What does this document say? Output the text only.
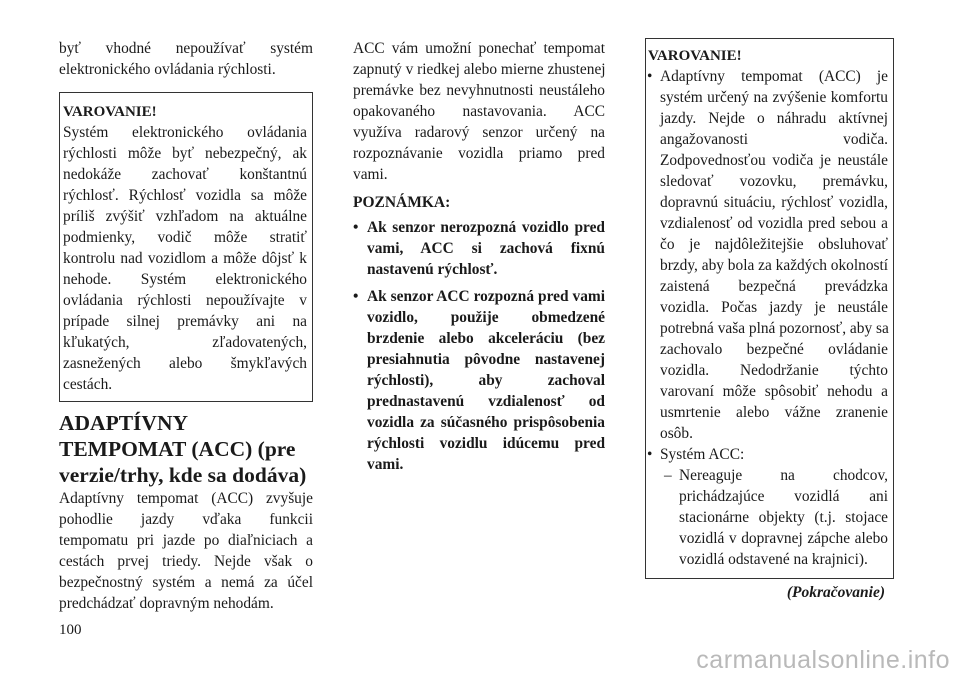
byť vhodné nepoužívať systém
elektronického ovládania rýchlosti.
VAROVANIE!
Systém elektronického ovládania
rýchlosti môže byť nebezpečný, ak
nedokáže zachovať konštantnú
rýchlosť. Rýchlosť vozidla sa môže
príliš zvýšiť vzhľadom na aktuálne
podmienky, vodič môže stratiť
kontrolu nad vozidlom a môže dôjsť k
nehode. Systém elektronického
ovládania rýchlosti nepoužívajte v
prípade silnej premávky ani na
kľukatých, zľadovatených,
zasnežených alebo šmykľavých
cestách.
ADAPTÍVNY
TEMPOMAT (ACC) (pre
verzie/trhy, kde sa dodáva)
Adaptívny tempomat (ACC) zvyšuje
pohodlie jazdy vďaka funkcii
tempomatu pri jazde po diaľniciach a
cestách prvej triedy. Nejde však o
bezpečnostný systém a nemá za účel
predchádzať dopravným nehodám.
ACC vám umožní ponechať tempomat
zapnutý v riedkej alebo mierne zhustenej
premávke bez nevyhnutnosti neustáleho
opakovaného nastavovania. ACC
využíva radarový senzor určený na
rozpoznávanie vozidla priamo pred
vami.
POZNÁMKA:
• Ak senzor nerozpozná vozidlo pred
vami, ACC si zachová fixnú
nastavenú rýchlosť.
• Ak senzor ACC rozpozná pred vami
vozidlo, použije obmedzené
brzdenie alebo akceleráciu (bez
presiahnutia pôvodne nastavenej
rýchlosti), aby zachoval
prednastavenú vzdialenosť od
vozidla za súčasného prispôsobenia
rýchlosti vozidlu idúcemu pred
vami.
VAROVANIE!
• Adaptívny tempomat (ACC) je
systém určený na zvýšenie komfortu
jazdy. Nejde o náhradu aktívnej
angažovanosti vodiča.
Zodpovednosťou vodiča je neustále
sledovať vozovku, premávku,
dopravnú situáciu, rýchlosť vozidla,
vzdialenosť od vozidla pred sebou a
čo je najdôležitejšie obsluhovať
brzdy, aby bola za každých okolností
zaistená bezpečná prevádzka
vozidla. Počas jazdy je neustále
potrebná vaša plná pozornosť, aby sa
zachovalo bezpečné ovládanie
vozidla. Nedodržanie týchto
varovaní môže spôsobiť nehodu a
usmrtenie alebo vážne zranenie
osôb.
• Systém ACC:
– Nereaguje na chodcov,
prichádzajúce vozidlá ani
stacionárne objekty (t.j. stojace
vozidlá v dopravnej zápche alebo
vozidlá odstavené na krajnici).
(Pokračovanie)
100
carmanualsonline.info
